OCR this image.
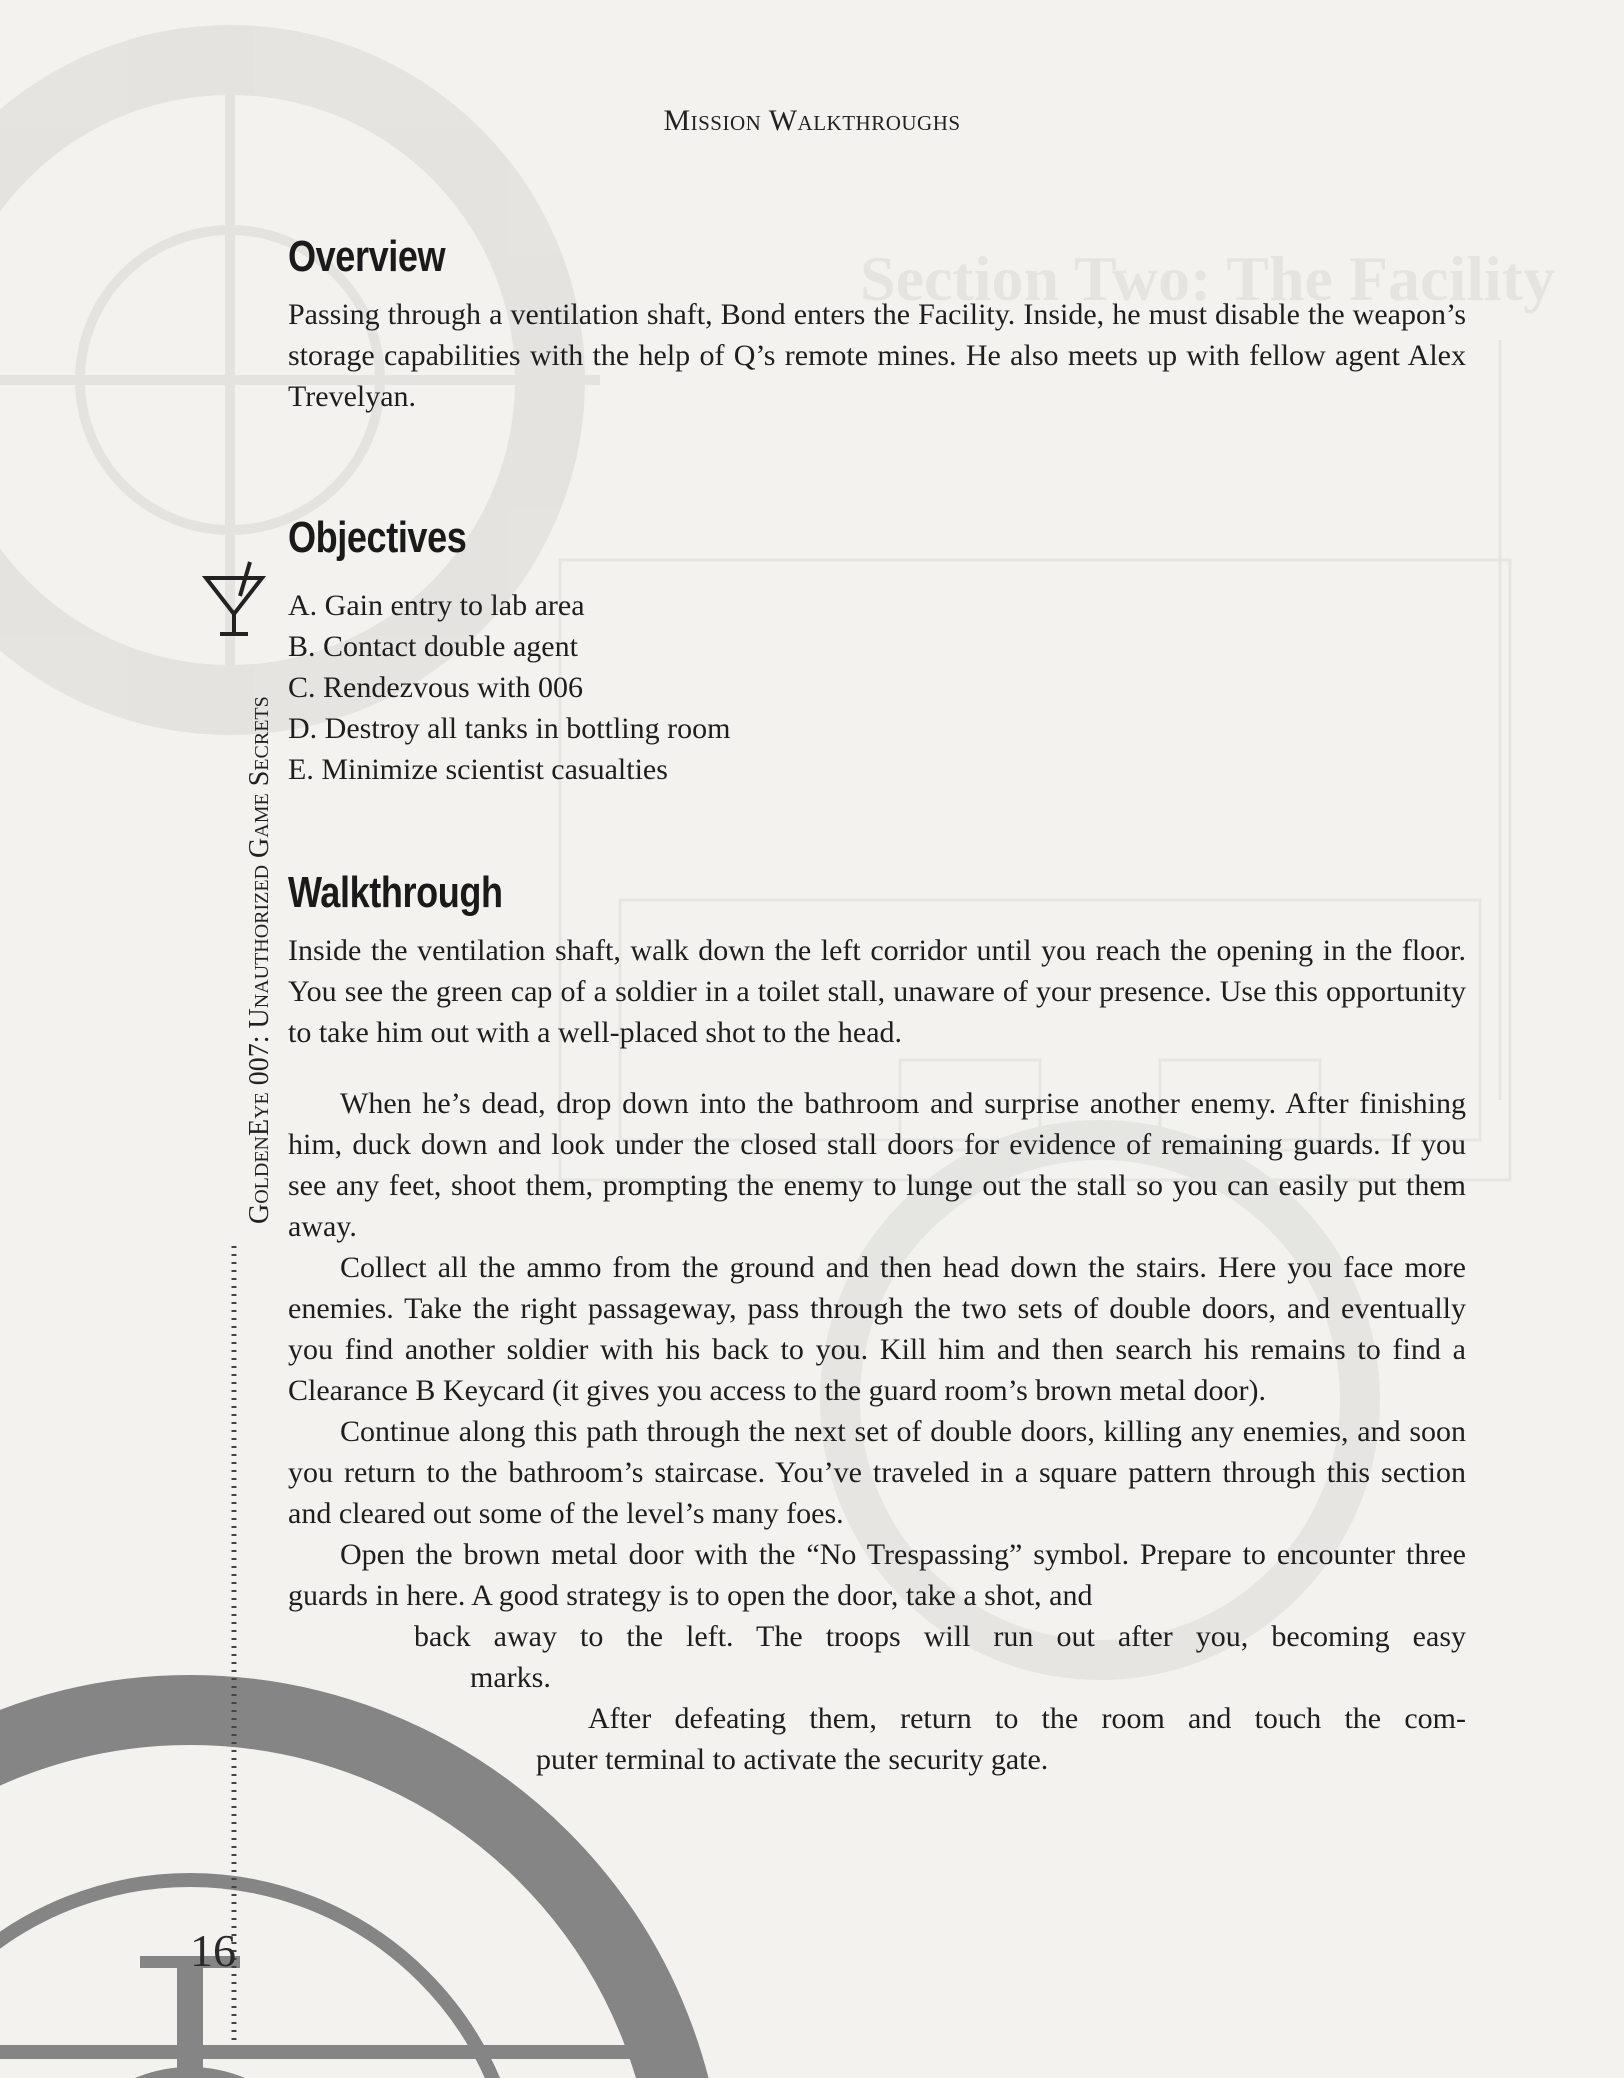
Section Two: The Facility
Mission Walkthroughs
GoldenEye 007: Unauthorized Game Secrets
16
Overview

Passing through a ventilation shaft, Bond enters the Facility. Inside, he must disable the weapon’s storage capabilities with the help of Q’s remote mines. He also meets up with fellow agent Alex Trevelyan.

Objectives
A. Gain entry to lab area
B. Contact double agent
C. Rendezvous with 006
D. Destroy all tanks in bottling room
E. Minimize scientist casualties
Walkthrough

Inside the ventilation shaft, walk down the left corridor until you reach the opening in the floor. You see the green cap of a soldier in a toilet stall, unaware of your presence. Use this opportunity to take him out with a well-placed shot to the head.

When he’s dead, drop down into the bathroom and surprise another enemy. After finishing him, duck down and look under the closed stall doors for evidence of remaining guards. If you see any feet, shoot them, prompting the enemy to lunge out the stall so you can easily put them away.

Collect all the ammo from the ground and then head down the stairs. Here you face more enemies. Take the right passageway, pass through the two sets of double doors, and eventually you find another soldier with his back to you. Kill him and then search his remains to find a Clearance B Keycard (it gives you access to the guard room’s brown metal door).

Continue along this path through the next set of double doors, killing any enemies, and soon you return to the bathroom’s staircase. You’ve traveled in a square pattern through this section and cleared out some of the level’s many foes.

Open the brown metal door with the “No Trespassing” symbol. Prepare to encounter three guards in here. A good strategy is to open the door, take a shot, and

back away to the left. The troops will run out after you, becoming easy

marks.

After defeating them, return to the room and touch the com-

puter terminal to activate the security gate.
